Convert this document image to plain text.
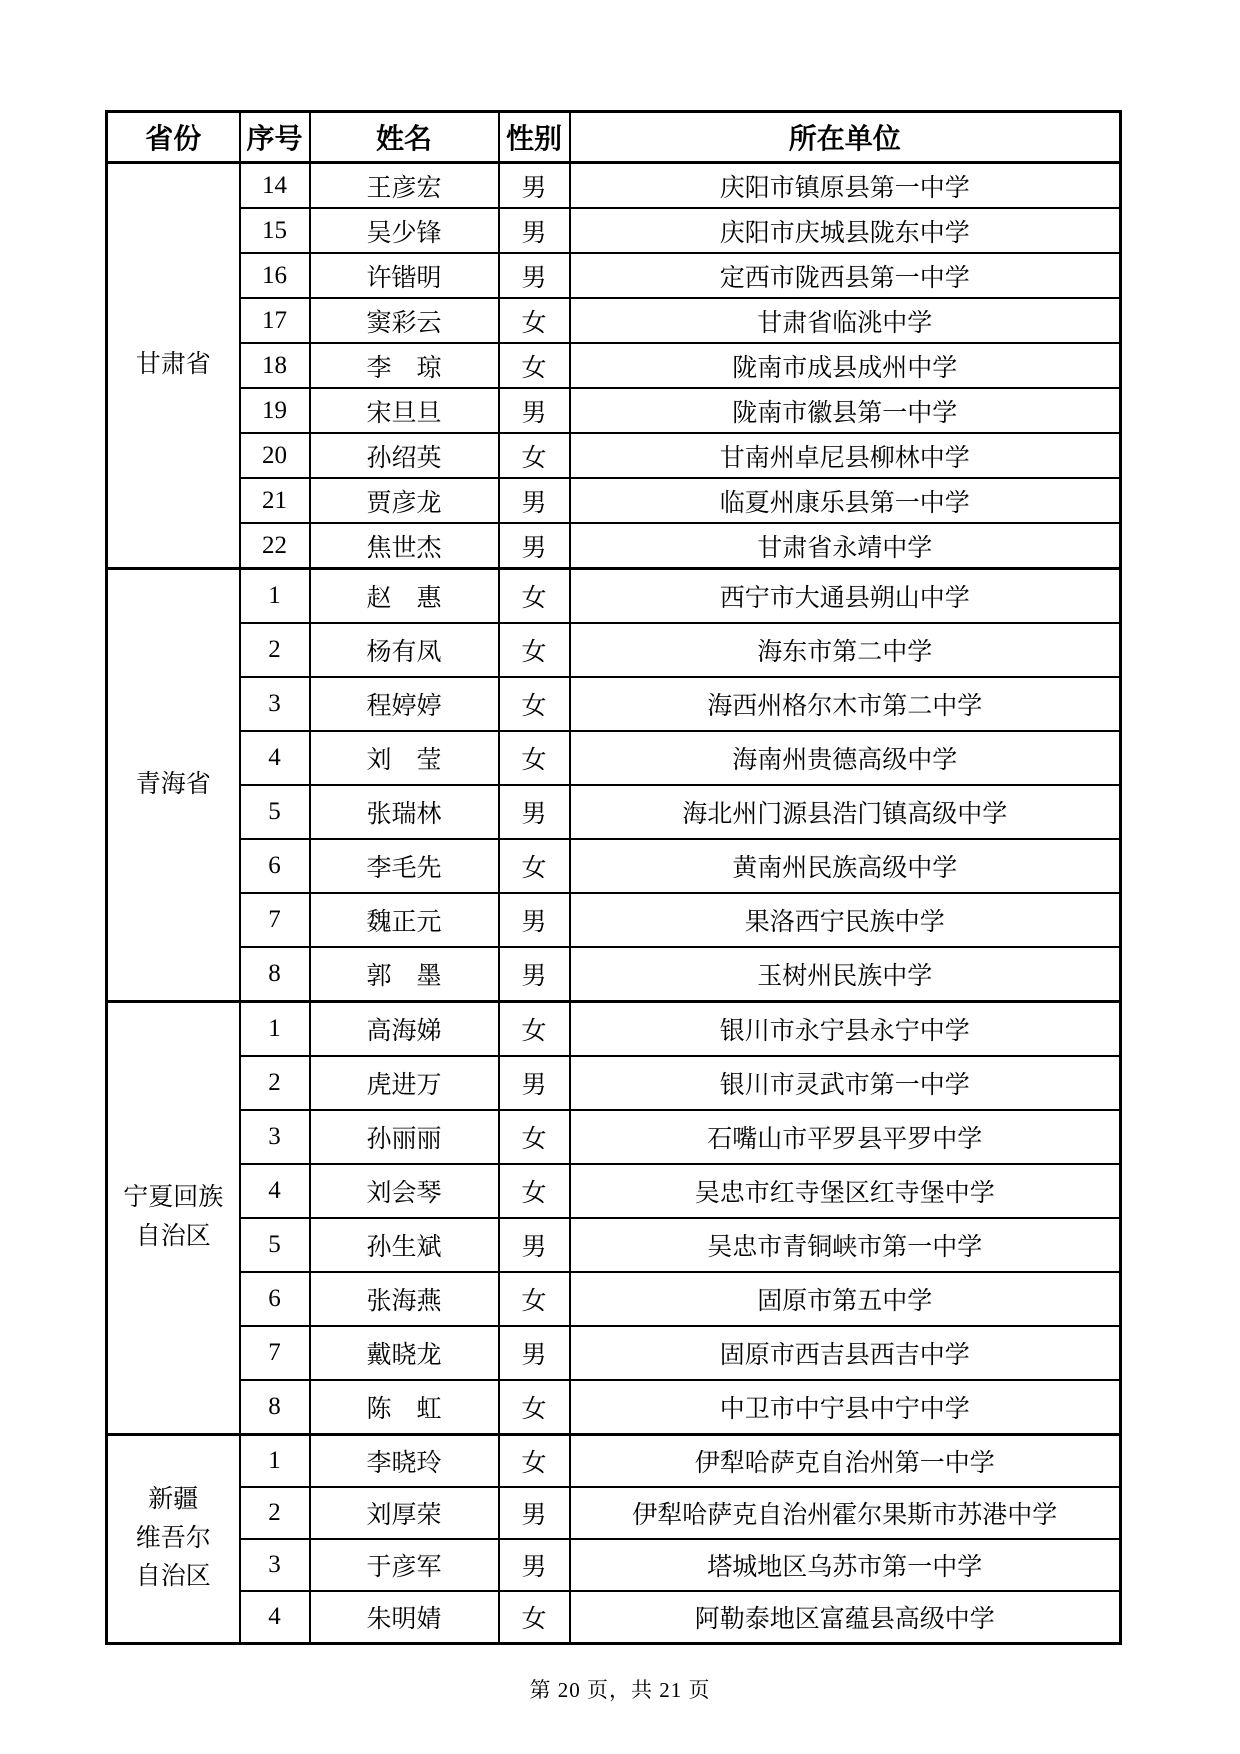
省份	序号	姓名	性别	所在单位

甘肃省	14	王彦宏	男	庆阳市镇原县第一中学
	15	吴少锋	男	庆阳市庆城县陇东中学
	16	许锴明	男	定西市陇西县第一中学
	17	窦彩云	女	甘肃省临洮中学
	18	李　琼	女	陇南市成县成州中学
	19	宋旦旦	男	陇南市徽县第一中学
	20	孙绍英	女	甘南州卓尼县柳林中学
	21	贾彦龙	男	临夏州康乐县第一中学
	22	焦世杰	男	甘肃省永靖中学

青海省	1	赵　惠	女	西宁市大通县朔山中学
	2	杨有凤	女	海东市第二中学
	3	程婷婷	女	海西州格尔木市第二中学
	4	刘　莹	女	海南州贵德高级中学
	5	张瑞林	男	海北州门源县浩门镇高级中学
	6	李毛先	女	黄南州民族高级中学
	7	魏正元	男	果洛西宁民族中学
	8	郭　墨	男	玉树州民族中学

宁夏回族
自治区	1	高海娣	女	银川市永宁县永宁中学
	2	虎进万	男	银川市灵武市第一中学
	3	孙丽丽	女	石嘴山市平罗县平罗中学
	4	刘会琴	女	吴忠市红寺堡区红寺堡中学
	5	孙生斌	男	吴忠市青铜峡市第一中学
	6	张海燕	女	固原市第五中学
	7	戴晓龙	男	固原市西吉县西吉中学
	8	陈　虹	女	中卫市中宁县中宁中学

新疆
维吾尔
自治区	1	李晓玲	女	伊犁哈萨克自治州第一中学
	2	刘厚荣	男	伊犁哈萨克自治州霍尔果斯市苏港中学
	3	于彦军	男	塔城地区乌苏市第一中学
	4	朱明婧	女	阿勒泰地区富蕴县高级中学
第 20 页，共 21 页
